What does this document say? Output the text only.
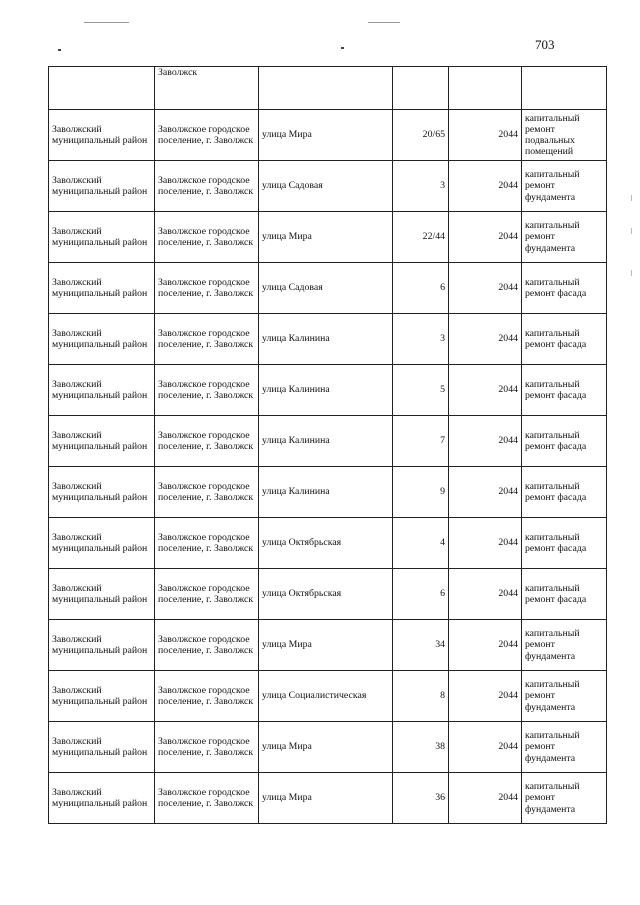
703
	Заволжск				
Заволжский муниципальный район	Заволжское городское поселение, г. Заволжск	улица Мира	20/65	2044	капитальный ремонт подвальных помещений
Заволжский муниципальный район	Заволжское городское поселение, г. Заволжск	улица Садовая	3	2044	капитальный ремонт фундамента
Заволжский муниципальный район	Заволжское городское поселение, г. Заволжск	улица Мира	22/44	2044	капитальный ремонт фундамента
Заволжский муниципальный район	Заволжское городское поселение, г. Заволжск	улица Садовая	6	2044	капитальный ремонт фасада
Заволжский муниципальный район	Заволжское городское поселение, г. Заволжск	улица Калинина	3	2044	капитальный ремонт фасада
Заволжский муниципальный район	Заволжское городское поселение, г. Заволжск	улица Калинина	5	2044	капитальный ремонт фасада
Заволжский муниципальный район	Заволжское городское поселение, г. Заволжск	улица Калинина	7	2044	капитальный ремонт фасада
Заволжский муниципальный район	Заволжское городское поселение, г. Заволжск	улица Калинина	9	2044	капитальный ремонт фасада
Заволжский муниципальный район	Заволжское городское поселение, г. Заволжск	улица Октябрьская	4	2044	капитальный ремонт фасада
Заволжский муниципальный район	Заволжское городское поселение, г. Заволжск	улица Октябрьская	6	2044	капитальный ремонт фасада
Заволжский муниципальный район	Заволжское городское поселение, г. Заволжск	улица Мира	34	2044	капитальный ремонт фундамента
Заволжский муниципальный район	Заволжское городское поселение, г. Заволжск	улица Социалистическая	8	2044	капитальный ремонт фундамента
Заволжский муниципальный район	Заволжское городское поселение, г. Заволжск	улица Мира	38	2044	капитальный ремонт фундамента
Заволжский муниципальный район	Заволжское городское поселение, г. Заволжск	улица Мира	36	2044	капитальный ремонт фундамента
